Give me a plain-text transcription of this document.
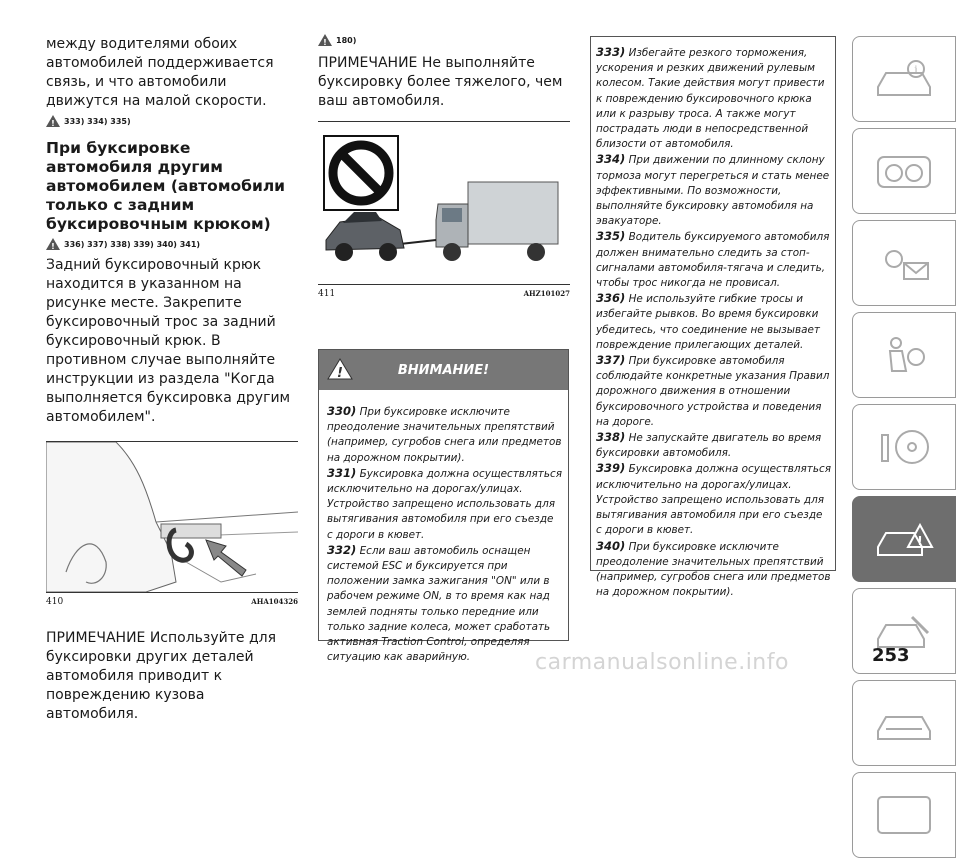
между водителями обоих автомобилей поддерживается связь, и что автомобили движутся на малой скорости.

! 333) 334) 335)
При буксировке автомобиля другим автомобилем (автомобили только с задним буксировочным крюком)
! 336) 337) 338) 339) 340) 341)

Задний буксировочный крюк находится в указанном на рисунке месте. Закрепите буксировочный трос за задний буксировочный крюк. В противном случае выполняйте инструкции из раздела "Когда выполняется буксировка другим автомобилем".

410	AHA104326

ПРИМЕЧАНИЕ Используйте для буксировки других деталей автомобиля приводит к повреждению кузова автомобиля.

! 180)

ПРИМЕЧАНИЕ Не выполняйте буксировку более тяжелого, чем ваш автомобиля.

411	AHZ101027
!	ВНИМАНИЕ!

330) При буксировке исключите преодоление значительных препятствий (например, сугробов снега или предметов на дорожном покрытии).

331) Буксировка должна осуществляться исключительно на дорогах/улицах. Устройство запрещено использовать для вытягивания автомобиля при его съезде с дороги в кювет.

332) Если ваш автомобиль оснащен системой ESC и буксируется при положении замка зажигания "ON" или в рабочем режиме ON, в то время как над землей подняты только передние или только задние колеса, может сработать активная Traction Control, определяя ситуацию как аварийную.

333) Избегайте резкого торможения, ускорения и резких движений рулевым колесом. Такие действия могут привести к повреждению буксировочного крюка или к разрыву троса. А также могут пострадать люди в непосредственной близости от автомобиля.

334) При движении по длинному склону тормоза могут перегреться и стать менее эффективными. По возможности, выполняйте буксировку автомобиля на эвакуаторе.

335) Водитель буксируемого автомобиля должен внимательно следить за стоп-сигналами автомобиля-тягача и следить, чтобы трос никогда не провисал.

336) Не используйте гибкие тросы и избегайте рывков. Во время буксировки убедитесь, что соединение не вызывает повреждение прилегающих деталей.

337) При буксировке автомобиля соблюдайте конкретные указания Правил дорожного движения в отношении буксировочного устройства и поведения на дороге.

338) Не запускайте двигатель во время буксировки автомобиля.

339) Буксировка должна осуществляться исключительно на дорогах/улицах. Устройство запрещено использовать для вытягивания автомобиля при его съезде с дороги в кювет.

340) При буксировке исключите преодоление значительных препятствий (например, сугробов снега или предметов на дорожном покрытии).

i
!
253
carmanualsonline.info
